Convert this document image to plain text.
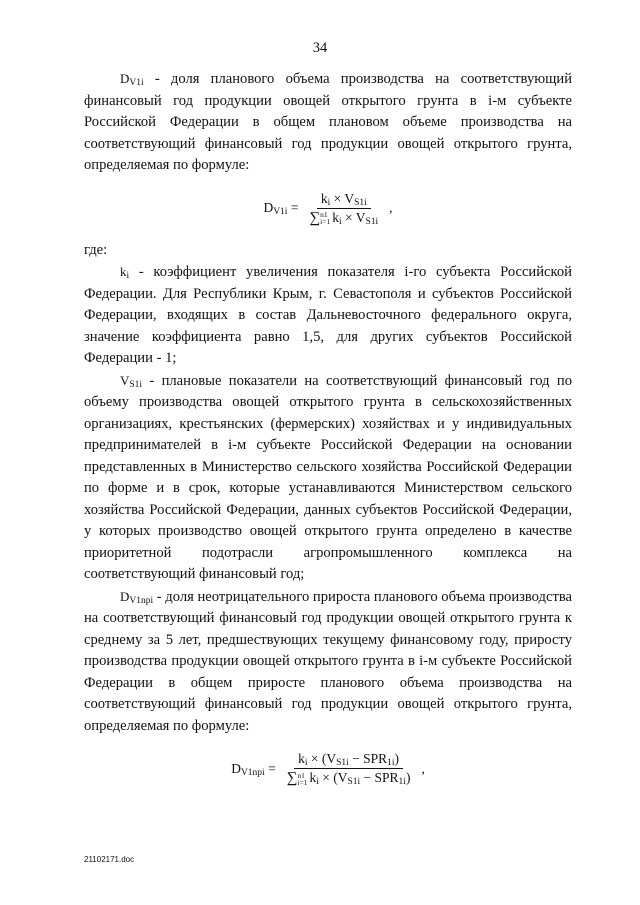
34

$D_{V1i}$ - доля планового объема производства на соответствующий финансовый год продукции овощей открытого грунта в i-м субъекте Российской Федерации в общем плановом объеме производства на соответствующий финансовый год продукции овощей открытого грунта, определяемая по формуле:

$D_{V1i} = k_i \times V_{S1i}$
∑ n1
i=1 $k_i \times V_{S1i}$ ,

где:

$k_i$ - коэффициент увеличения показателя i-го субъекта Российской Федерации. Для Республики Крым, г. Севастополя и субъектов Российской Федерации, входящих в состав Дальневосточного федерального округа, значение коэффициента равно 1,5, для других субъектов Российской Федерации - 1;

$V_{S1i}$ - плановые показатели на соответствующий финансовый год по объему производства овощей открытого грунта в сельскохозяйственных организациях, крестьянских (фермерских) хозяйствах и у индивидуальных предпринимателей в i-м субъекте Российской Федерации на основании представленных в Министерство сельского хозяйства Российской Федерации по форме и в срок, которые устанавливаются Министерством сельского хозяйства Российской Федерации, данных субъектов Российской Федерации, у которых производство овощей открытого грунта определено в качестве приоритетной подотрасли агропромышленного комплекса на соответствующий финансовый год;

$D_{V1npi}$ - доля неотрицательного прироста планового объема производства на соответствующий финансовый год продукции овощей открытого грунта к среднему за 5 лет, предшествующих текущему финансовому году, приросту производства продукции овощей открытого грунта в i-м субъекте Российской Федерации в общем приросте планового объема производства на соответствующий финансовый год продукции овощей открытого грунта, определяемая по формуле:

$D_{V1npi} = k_i \times (V_{S1i} - SPR_{1i})$
∑ n1
i=1 $k_i \times (V_{S1i} - SPR_{1i})$ ,
21102171.doc
